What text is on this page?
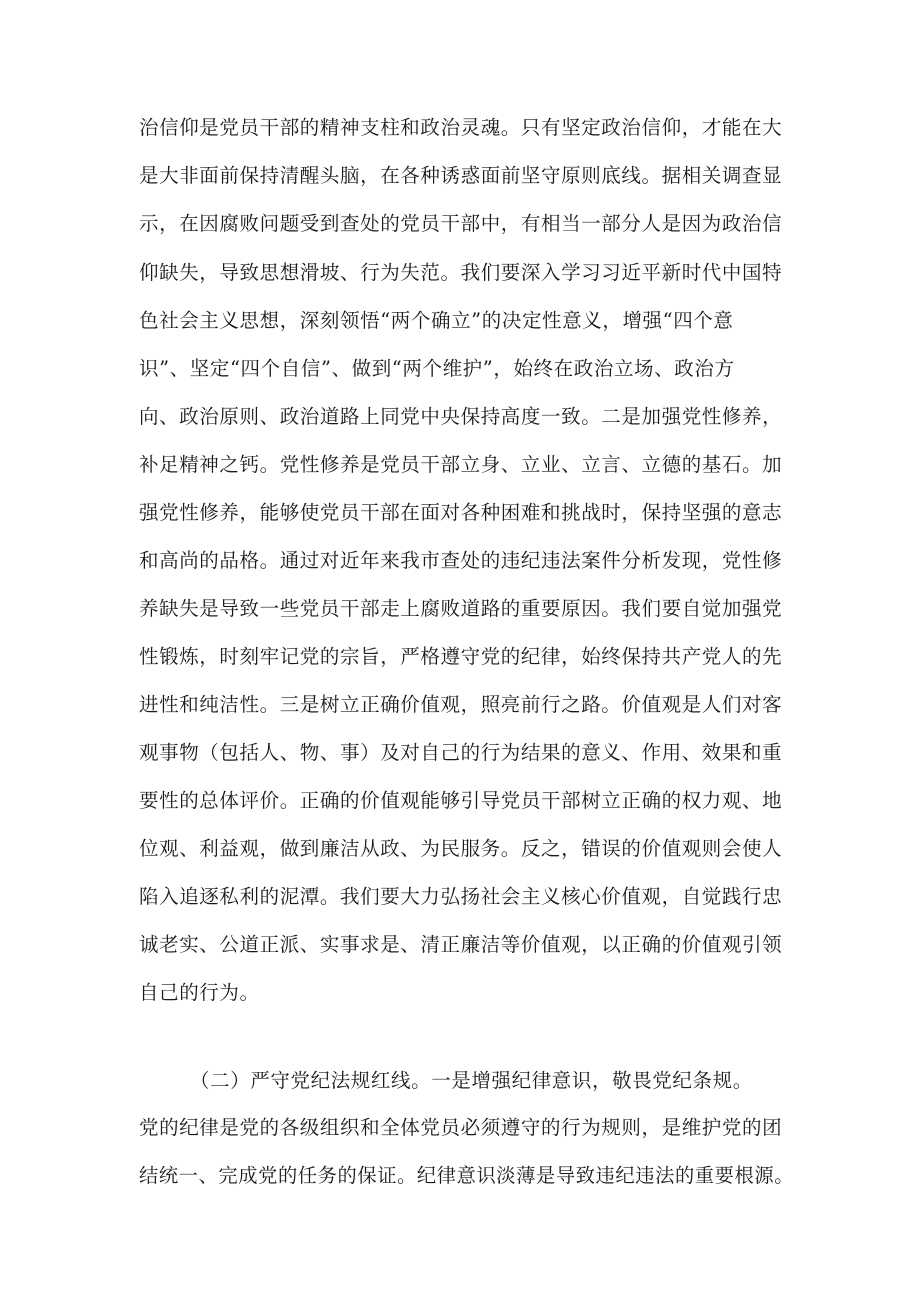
治信仰是党员干部的精神支柱和政治灵魂。只有坚定政治信仰，才能在大
是大非面前保持清醒头脑，在各种诱惑面前坚守原则底线。据相关调查显
示，在因腐败问题受到查处的党员干部中，有相当一部分人是因为政治信
仰缺失，导致思想滑坡、行为失范。我们要深入学习习近平新时代中国特
色社会主义思想，深刻领悟“两个确立”的决定性意义，增强“四个意
识”、坚定“四个自信”、做到“两个维护”，始终在政治立场、政治方
向、政治原则、政治道路上同党中央保持高度一致。二是加强党性修养，
补足精神之钙。党性修养是党员干部立身、立业、立言、立德的基石。加
强党性修养，能够使党员干部在面对各种困难和挑战时，保持坚强的意志
和高尚的品格。通过对近年来我市查处的违纪违法案件分析发现，党性修
养缺失是导致一些党员干部走上腐败道路的重要原因。我们要自觉加强党
性锻炼，时刻牢记党的宗旨，严格遵守党的纪律，始终保持共产党人的先
进性和纯洁性。三是树立正确价值观，照亮前行之路。价值观是人们对客
观事物（包括人、物、事）及对自己的行为结果的意义、作用、效果和重
要性的总体评价。正确的价值观能够引导党员干部树立正确的权力观、地
位观、利益观，做到廉洁从政、为民服务。反之，错误的价值观则会使人
陷入追逐私利的泥潭。我们要大力弘扬社会主义核心价值观，自觉践行忠
诚老实、公道正派、实事求是、清正廉洁等价值观，以正确的价值观引领
自己的行为。
（二）严守党纪法规红线。一是增强纪律意识，敬畏党纪条规。
党的纪律是党的各级组织和全体党员必须遵守的行为规则，是维护党的团
结统一、完成党的任务的保证。纪律意识淡薄是导致违纪违法的重要根源。
